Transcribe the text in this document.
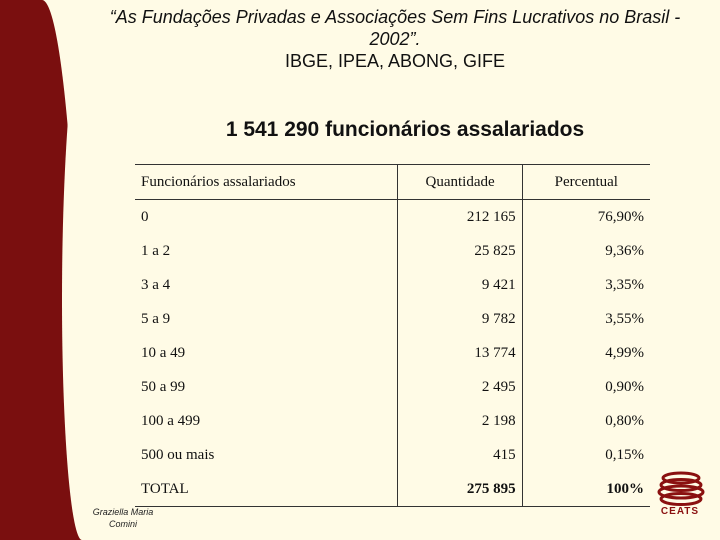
“As Fundações Privadas e Associações Sem Fins Lucrativos no Brasil -
2002”.
IBGE, IPEA, ABONG, GIFE
1 541 290 funcionários assalariados
Funcionários assalariados	Quantidade	Percentual
0	212 165	76,90%
1 a 2	25 825	9,36%
3 a 4	9 421	3,35%
5 a 9	9 782	3,55%
10 a 49	13 774	4,99%
50 a 99	2 495	0,90%
100 a 499	2 198	0,80%
500 ou mais	415	0,15%
TOTAL	275 895	100%
Graziella Maria
Comini
CEATS
